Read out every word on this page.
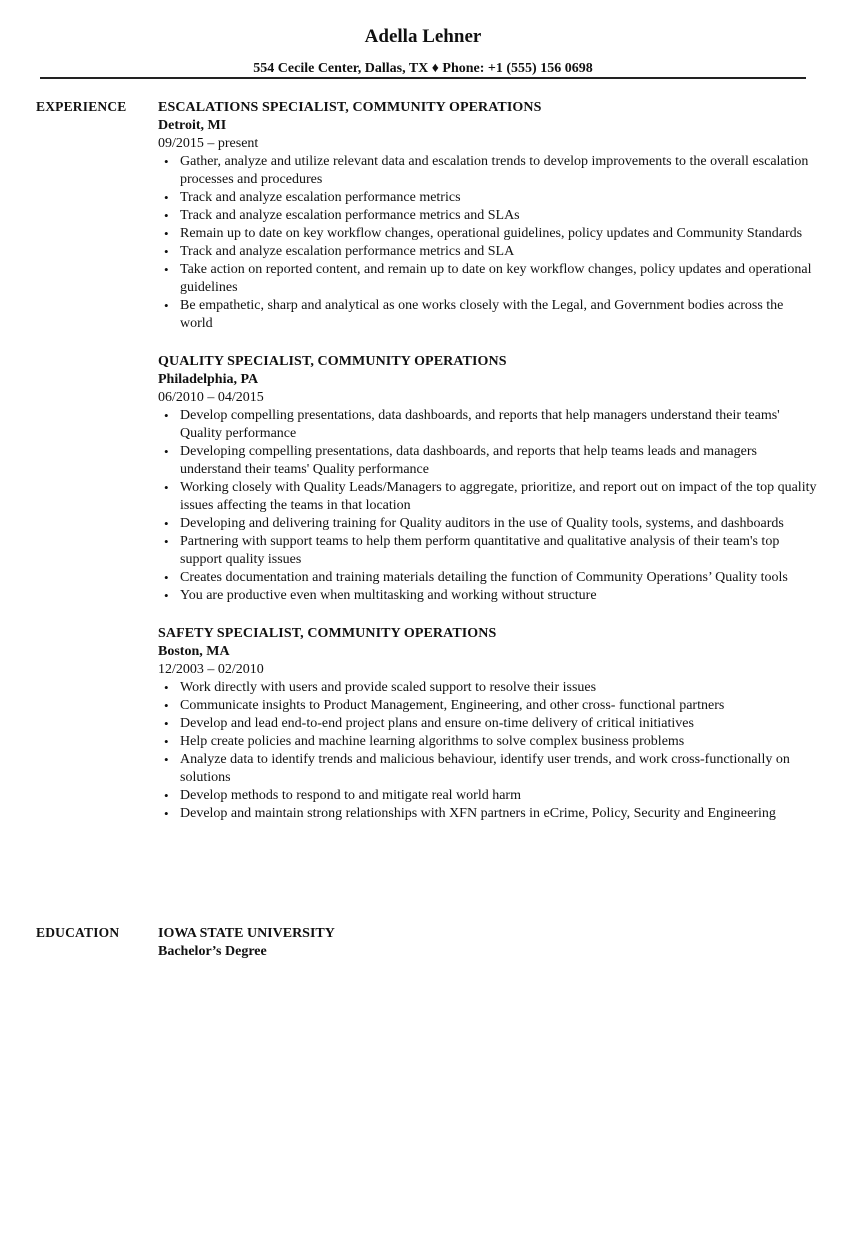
Adella Lehner
554 Cecile Center, Dallas, TX ♦ Phone: +1 (555) 156 0698
EXPERIENCE ESCALATIONS SPECIALIST, COMMUNITY OPERATIONS
Detroit, MI
09/2015 – present
• Gather, analyze and utilize relevant data and escalation trends to develop improvements to the overall escalation processes and procedures
• Track and analyze escalation performance metrics
• Track and analyze escalation performance metrics and SLAs
• Remain up to date on key workflow changes, operational guidelines, policy updates and Community Standards
• Track and analyze escalation performance metrics and SLA
• Take action on reported content, and remain up to date on key workflow changes, policy updates and operational guidelines
• Be empathetic, sharp and analytical as one works closely with the Legal, and Government bodies across the world
QUALITY SPECIALIST, COMMUNITY OPERATIONS
Philadelphia, PA
06/2010 – 04/2015
• Develop compelling presentations, data dashboards, and reports that help managers understand their teams' Quality performance
• Developing compelling presentations, data dashboards, and reports that help teams leads and managers understand their teams' Quality performance
• Working closely with Quality Leads/Managers to aggregate, prioritize, and report out on impact of the top quality issues affecting the teams in that location
• Developing and delivering training for Quality auditors in the use of Quality tools, systems, and dashboards
• Partnering with support teams to help them perform quantitative and qualitative analysis of their team's top support quality issues
• Creates documentation and training materials detailing the function of Community Operations’ Quality tools
• You are productive even when multitasking and working without structure
SAFETY SPECIALIST, COMMUNITY OPERATIONS
Boston, MA
12/2003 – 02/2010
• Work directly with users and provide scaled support to resolve their issues
• Communicate insights to Product Management, Engineering, and other cross- functional partners
• Develop and lead end-to-end project plans and ensure on-time delivery of critical initiatives
• Help create policies and machine learning algorithms to solve complex business problems
• Analyze data to identify trends and malicious behaviour, identify user trends, and work cross-functionally on solutions
• Develop methods to respond to and mitigate real world harm
• Develop and maintain strong relationships with XFN partners in eCrime, Policy, Security and Engineering
EDUCATION	IOWA STATE UNIVERSITY
Bachelor’s Degree
